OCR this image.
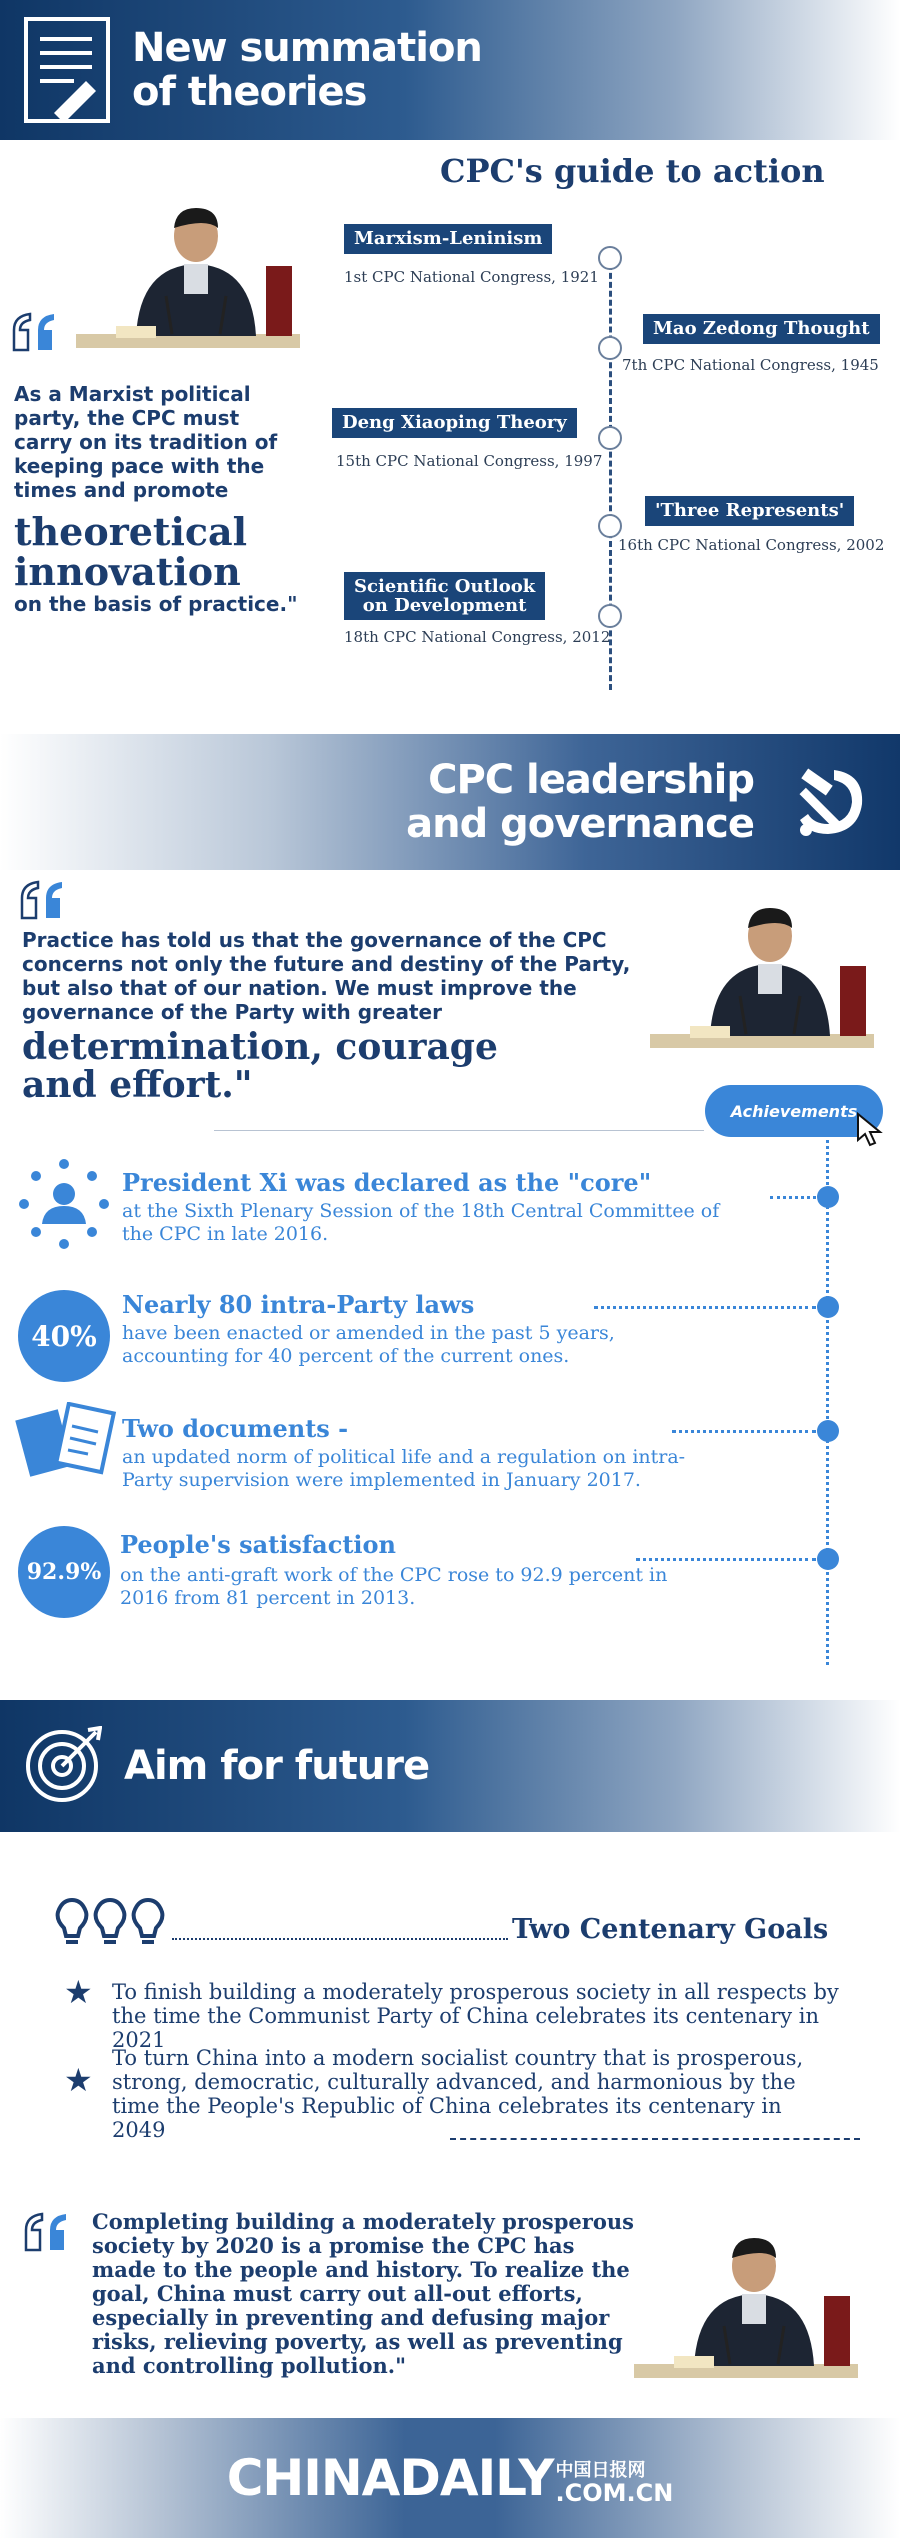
New summation
of theories
CPC's guide to action
Marxism-Leninism
1st CPC National Congress, 1921
Mao Zedong Thought
7th CPC National Congress, 1945
Deng Xiaoping Theory
15th CPC National Congress, 1997
'Three Represents'
16th CPC National Congress, 2002
Scientific Outlook
on Development
18th CPC National Congress, 2012
As a Marxist political party, the CPC must carry on its tradition of keeping pace with the times and promote
theoretical innovation
on the basis of practice."
CPC leadership
and governance
Practice has told us that the governance of the CPC concerns not only the future and destiny of the Party, but also that of our nation. We must improve the governance of the Party with greater
determination, courage and effort."
Achievements
President Xi was declared as the "core"
at the Sixth Plenary Session of the 18th Central Committee of the CPC in late 2016.
40%
Nearly 80 intra-Party laws
have been enacted or amended in the past 5 years, accounting for 40 percent of the current ones.
Two documents -
an updated norm of political life and a regulation on intra-Party supervision were implemented in January 2017.
92.9%
People's satisfaction
on the anti-graft work of the CPC rose to 92.9 percent in 2016 from 81 percent in 2013.
Aim for future
Two Centenary Goals
★ To finish building a moderately prosperous society in all respects by the time the Communist Party of China celebrates its centenary in 2021
★
To turn China into a modern socialist country that is prosperous, strong, democratic, culturally advanced, and harmonious by the time the People's Republic of China celebrates its centenary in 2049
Completing building a moderately prosperous society by 2020 is a promise the CPC has made to the people and history. To realize the goal, China must carry out all-out efforts, especially in preventing and defusing major risks, relieving poverty, as well as preventing and controlling pollution."
CHINADAILY 中国日报网
.COM.CN
